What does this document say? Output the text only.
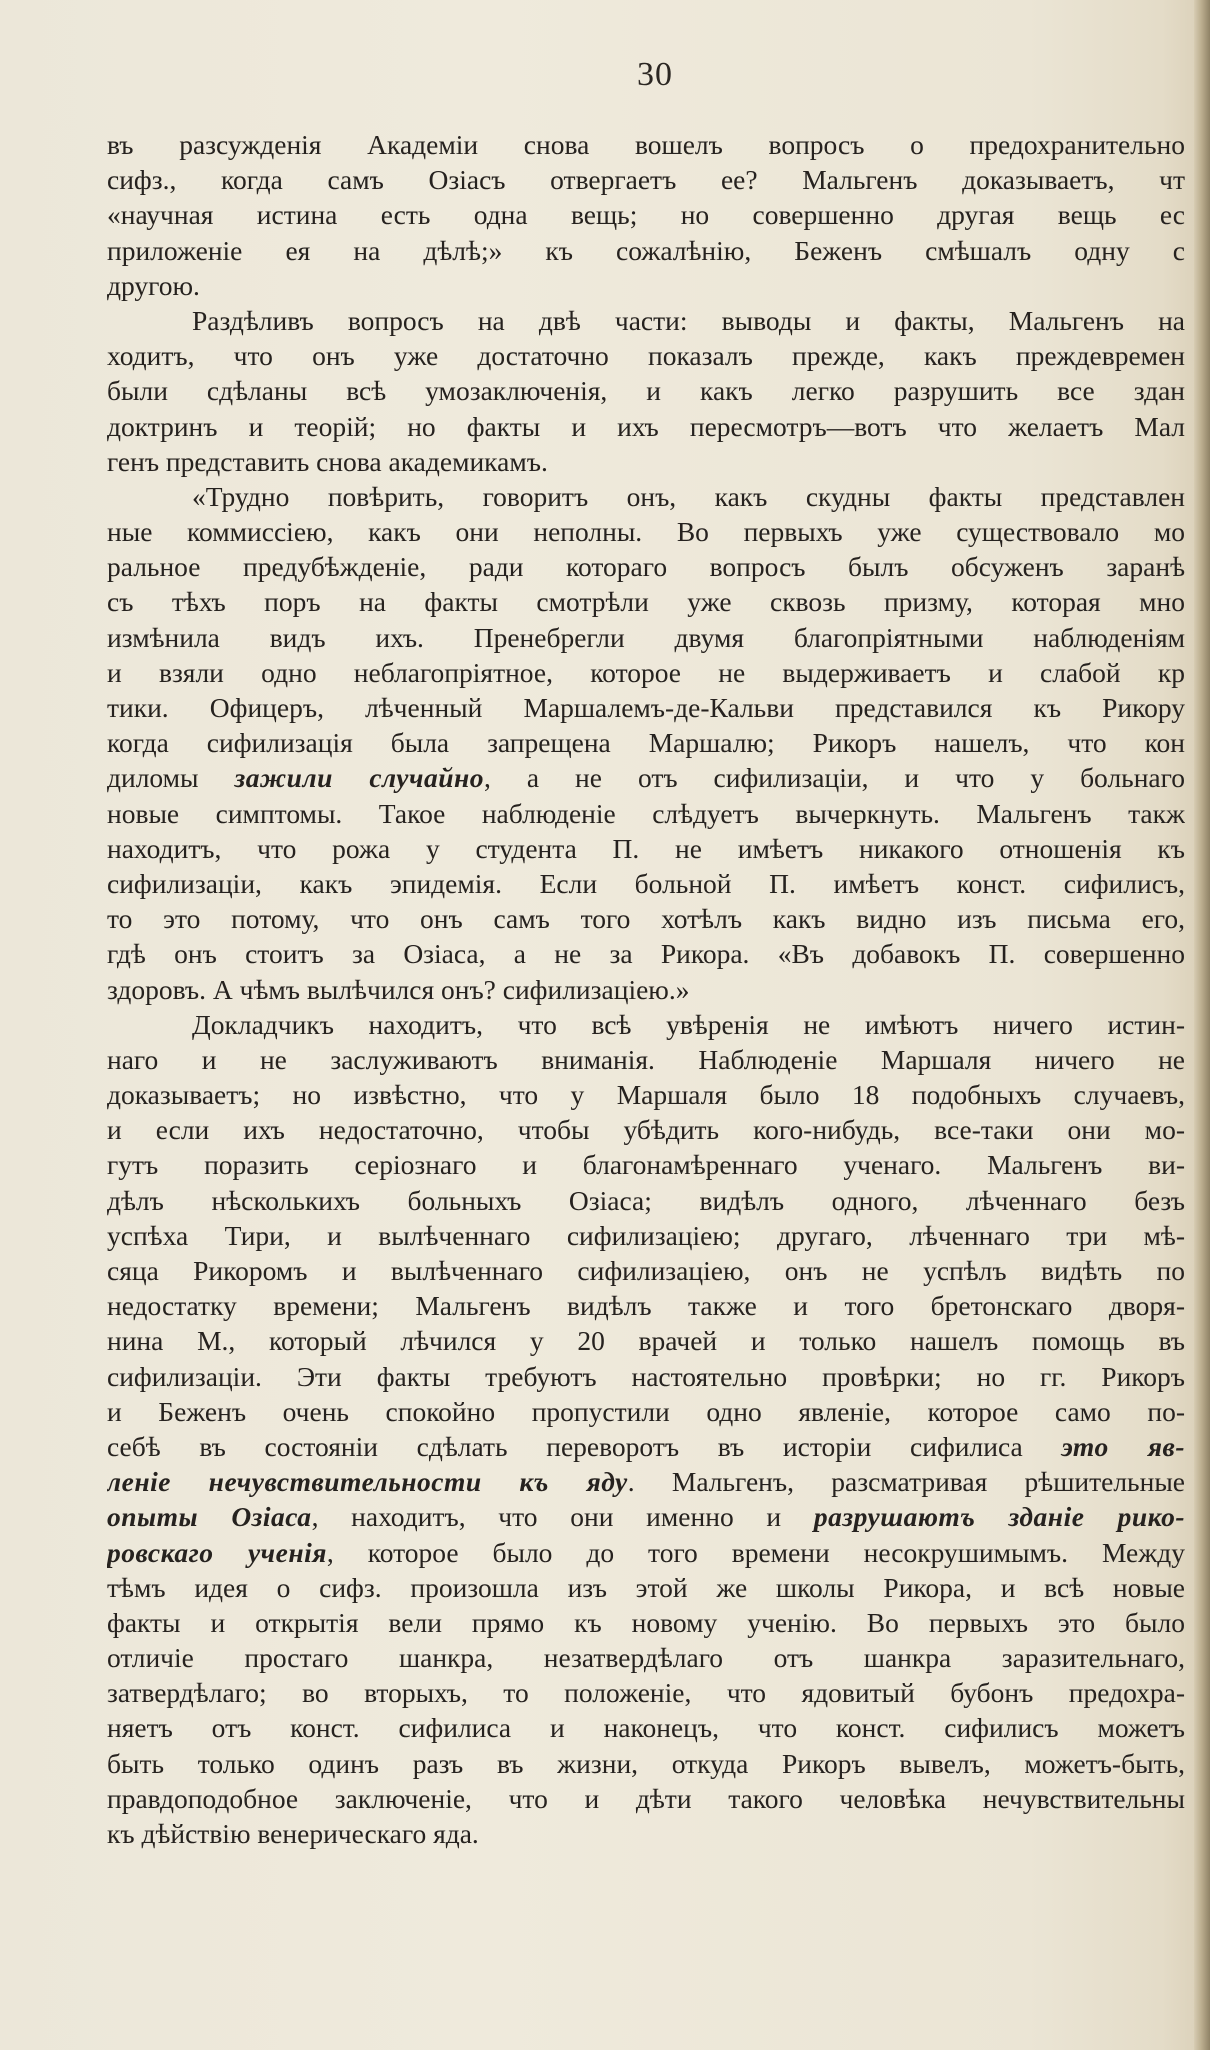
30
въ разсужденія Академіи снова вошелъ вопросъ о предохранительно
сифз., когда самъ Озіасъ отвергаетъ ее? Мальгенъ доказываетъ, чт
«научная истина есть одна вещь; но совершенно другая вещь ес
приложеніе ея на дѣлѣ;» къ сожалѣнію, Беженъ смѣшалъ одну с
другою.
Раздѣливъ вопросъ на двѣ части: выводы и факты, Мальгенъ на
ходитъ, что онъ уже достаточно показалъ прежде, какъ преждевремен
были сдѣланы всѣ умозаключенія, и какъ легко разрушить все здан
доктринъ и теорій; но факты и ихъ пересмотръ—вотъ что желаетъ Мал
генъ представить снова академикамъ.
«Трудно повѣрить, говоритъ онъ, какъ скудны факты представлен
ные коммиссіею, какъ они неполны. Во первыхъ уже существовало мо
ральное предубѣжденіе, ради котораго вопросъ былъ обсуженъ заранѣ
съ тѣхъ поръ на факты смотрѣли уже сквозь призму, которая мно
измѣнила видъ ихъ. Пренебрегли двумя благопріятными наблюденіям
и взяли одно неблагопріятное, которое не выдерживаетъ и слабой кр
тики. Офицеръ, лѣченный Маршалемъ-де-Кальви представился къ Рикору
когда сифилизація была запрещена Маршалю; Рикоръ нашелъ, что кон
диломы зажили случайно, а не отъ сифилизаціи, и что у больнаго
новые симптомы. Такое наблюденіе слѣдуетъ вычеркнуть. Мальгенъ такж
находитъ, что рожа у студента П. не имѣетъ никакого отношенія къ
сифилизаціи, какъ эпидемія. Если больной П. имѣетъ конст. сифилисъ,
то это потому, что онъ самъ того хотѣлъ какъ видно изъ письма его,
гдѣ онъ стоитъ за Озіаса, а не за Рикора. «Въ добавокъ П. совершенно
здоровъ. А чѣмъ вылѣчился онъ? сифилизаціею.»
Докладчикъ находитъ, что всѣ увѣренія не имѣютъ ничего истин-
наго и не заслуживаютъ вниманія. Наблюденіе Маршаля ничего не
доказываетъ; но извѣстно, что у Маршаля было 18 подобныхъ случаевъ,
и если ихъ недостаточно, чтобы убѣдить кого-нибудь, все-таки они мо-
гутъ поразить серіознаго и благонамѣреннаго ученаго. Мальгенъ ви-
дѣлъ нѣсколькихъ больныхъ Озіаса; видѣлъ одного, лѣченнаго безъ
успѣха Тири, и вылѣченнаго сифилизаціею; другаго, лѣченнаго три мѣ-
сяца Рикоромъ и вылѣченнаго сифилизаціею, онъ не успѣлъ видѣть по
недостатку времени; Мальгенъ видѣлъ также и того бретонскаго дворя-
нина М., который лѣчился у 20 врачей и только нашелъ помощь въ
сифилизаціи. Эти факты требуютъ настоятельно провѣрки; но гг. Рикоръ
и Беженъ очень спокойно пропустили одно явленіе, которое само по-
себѣ въ состояніи сдѣлать переворотъ въ исторіи сифилиса это яв-
леніе нечувствительности къ яду. Мальгенъ, разсматривая рѣшительные
опыты Озіаса, находитъ, что они именно и разрушаютъ зданіе рико-
ровскаго ученія, которое было до того времени несокрушимымъ. Между
тѣмъ идея о сифз. произошла изъ этой же школы Рикора, и всѣ новые
факты и открытія вели прямо къ новому ученію. Во первыхъ это было
отличіе простаго шанкра, незатвердѣлаго отъ шанкра заразительнаго,
затвердѣлаго; во вторыхъ, то положеніе, что ядовитый бубонъ предохра-
няетъ отъ конст. сифилиса и наконецъ, что конст. сифилисъ можетъ
быть только одинъ разъ въ жизни, откуда Рикоръ вывелъ, можетъ-быть,
правдоподобное заключеніе, что и дѣти такого человѣка нечувствительны
къ дѣйствію венерическаго яда.
